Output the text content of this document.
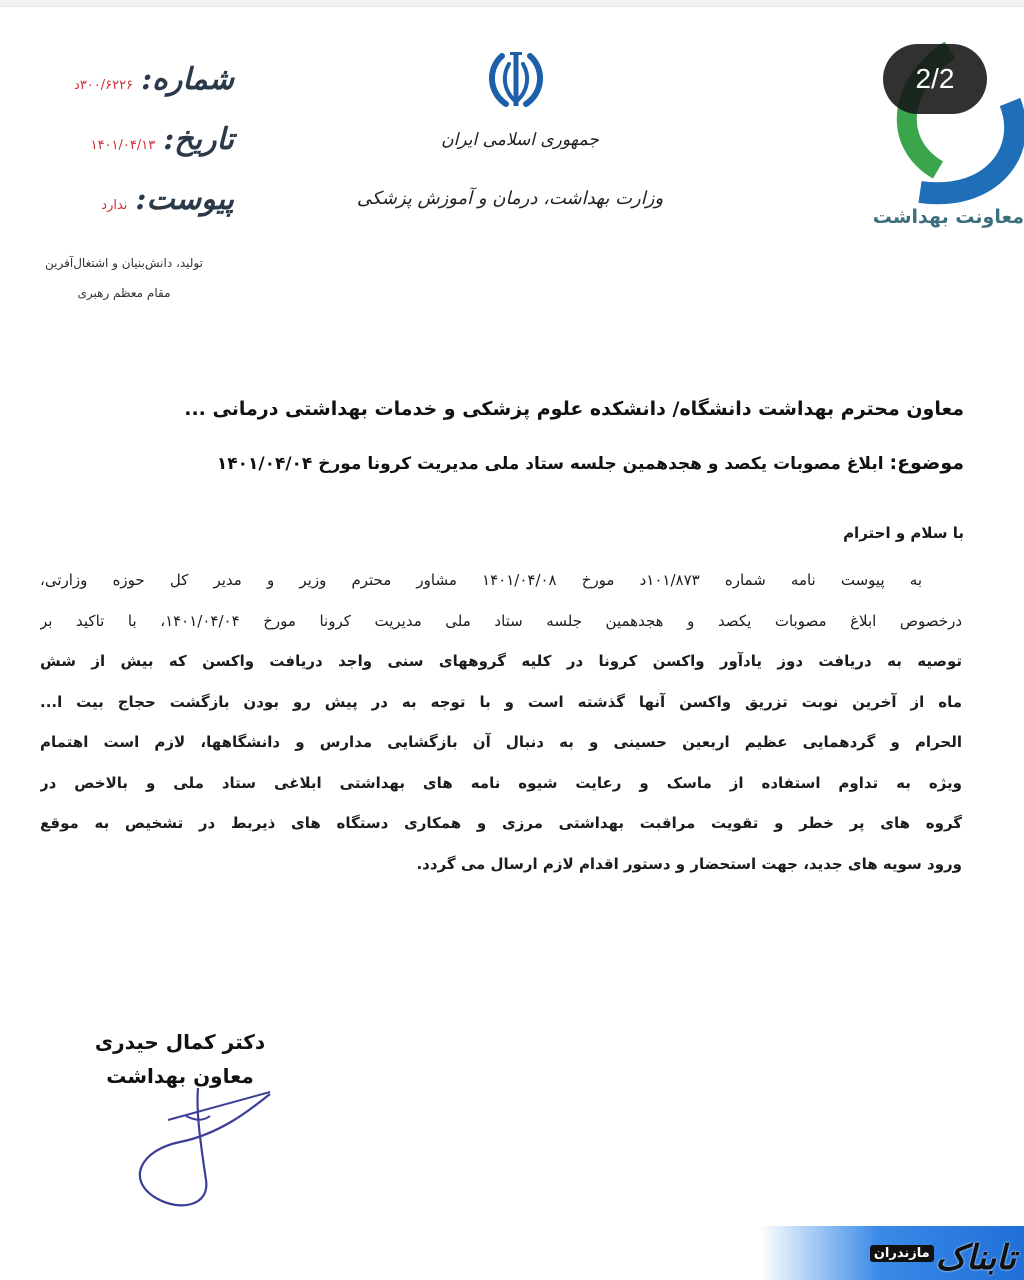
شماره:
۳۰۰/۶۲۲۶د
تاریخ:
۱۴۰۱/۰۴/۱۳
پیوست:
ندارد
تولید، دانش‌بنیان و اشتغال‌آفرین
مقام معظم رهبری
جمهوری اسلامی ایران
وزارت بهداشت، درمان و آموزش پزشکی
معاونت بهداشت
2/2
معاون محترم بهداشت دانشگاه/ دانشکده علوم پزشکی و خدمات بهداشتی درمانی ...
موضوع: ابلاغ مصوبات یکصد و هجدهمین جلسه ستاد ملی مدیریت کرونا مورخ ۱۴۰۱/۰۴/۰۴
با سلام و احترام
به پیوست نامه شماره ۱۰۱/۸۷۳د مورخ ۱۴۰۱/۰۴/۰۸ مشاور محترم وزیر و مدیر کل حوزه وزارتی،
درخصوص ابلاغ مصوبات یکصد و هجدهمین جلسه ستاد ملی مدیریت کرونا مورخ ۱۴۰۱/۰۴/۰۴، با تاکید بر
توصیه به دریافت دوز یادآور واکسن کرونا در کلیه گروههای سنی واجد دریافت واکسن که بیش از شش
ماه از آخرین نوبت تزریق واکسن آنها گذشته است و با توجه به در پیش رو بودن بازگشت حجاج بیت ا...
الحرام و گردهمایی عظیم اربعین حسینی و به دنبال آن بازگشایی مدارس و دانشگاهها، لازم است اهتمام
ویژه به تداوم استفاده از ماسک و رعایت شیوه نامه های بهداشتی ابلاغی ستاد ملی و بالاخص در
گروه های پر خطر و تقویت مراقبت بهداشتی مرزی و همکاری دستگاه های ذیربط در تشخیص به موقع
ورود سویه های جدید، جهت استحضار و دستور اقدام لازم ارسال می گردد.
دکتر کمال حیدری
معاون بهداشت
تابناک
مازندران
